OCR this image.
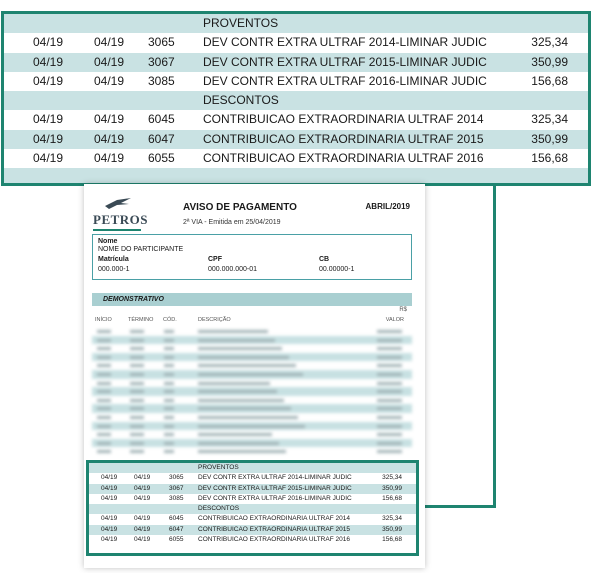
PROVENTOS
04/19	04/19 3065 DEV CONTR EXTRA ULTRAF 2014-LIMINAR JUDIC	325,34
04/19	04/19 3067 DEV CONTR EXTRA ULTRAF 2015-LIMINAR JUDIC	350,99
04/19	04/19 3085 DEV CONTR EXTRA ULTRAF 2016-LIMINAR JUDIC	156,68
DESCONTOS
04/19	04/19 6045 CONTRIBUICAO EXTRAORDINARIA ULTRAF 2014	325,34
04/19	04/19 6047 CONTRIBUICAO EXTRAORDINARIA ULTRAF 2015	350,99
04/19	04/19 6055 CONTRIBUICAO EXTRAORDINARIA ULTRAF 2016	156,68
PETROS
AVISO DE PAGAMENTO	ABRIL/2019
2ª VIA - Emitida em 25/04/2019
Nome
NOME DO PARTICIPANTE
Matrícula
000.000-1
CPF
000.000.000-01
CB
00.00000-1
DEMONSTRATIVO
R$
INÍCIO	TÉRMINO CÓD.	DESCRIÇÃO	VALOR
PROVENTOS
04/19	04/19	3065 DEV CONTR EXTRA ULTRAF 2014-LIMINAR JUDIC	325,34
04/19	04/19	3067 DEV CONTR EXTRA ULTRAF 2015-LIMINAR JUDIC	350,99
04/19	04/19	3085 DEV CONTR EXTRA ULTRAF 2016-LIMINAR JUDIC	156,68
DESCONTOS
04/19	04/19	6045 CONTRIBUICAO EXTRAORDINARIA ULTRAF 2014	325,34
04/19	04/19	6047 CONTRIBUICAO EXTRAORDINARIA ULTRAF 2015	350,99
04/19	04/19	6055 CONTRIBUICAO EXTRAORDINARIA ULTRAF 2016	156,68
